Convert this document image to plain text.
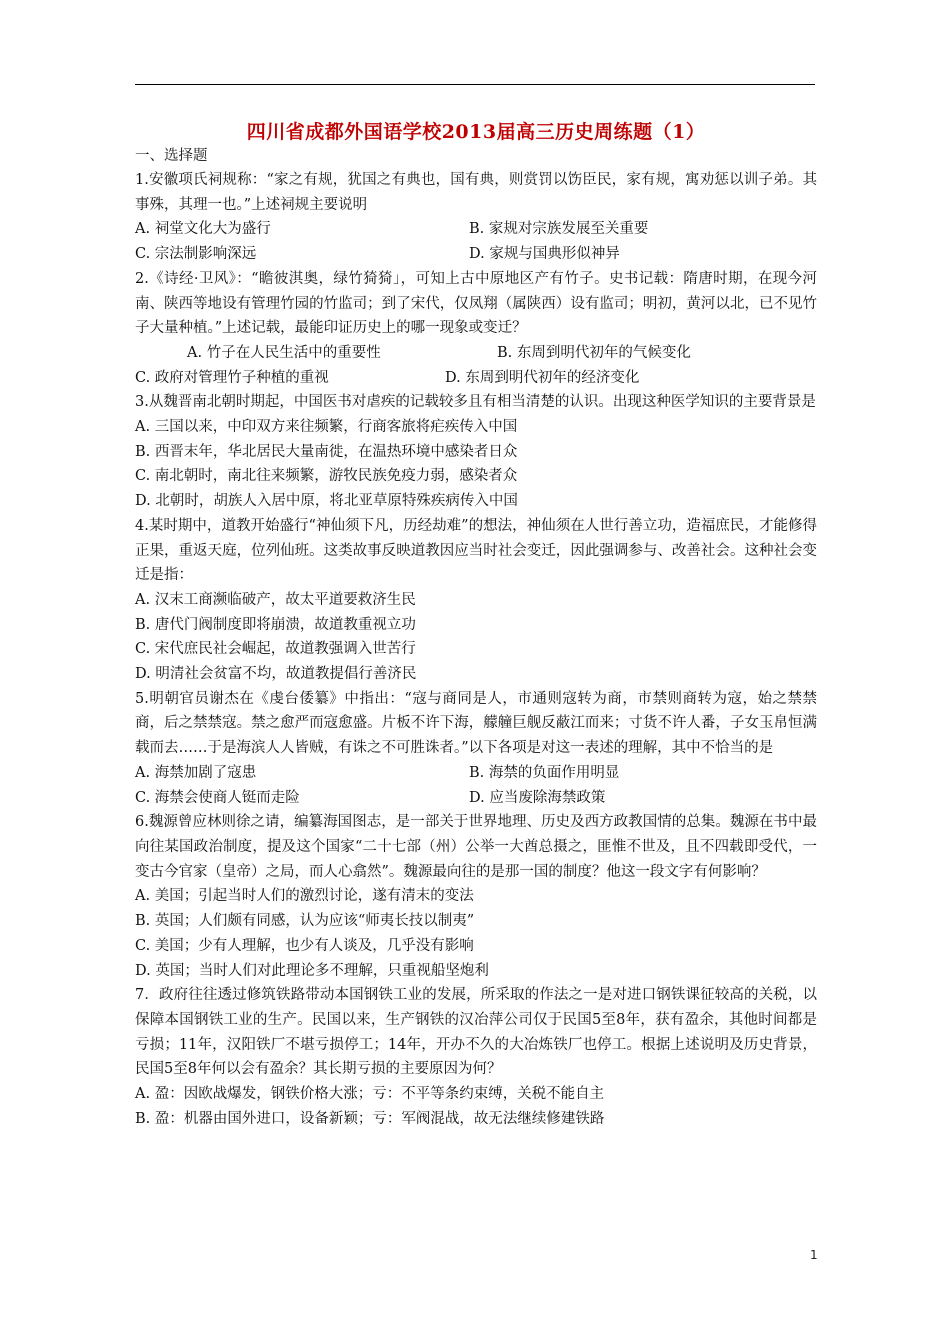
四川省成都外国语学校2013届高三历史周练题（1）

一、选择题

1.安徽项氏祠规称：“家之有规，犹国之有典也，国有典，则赏罚以饬臣民，家有规，寓劝惩以训子弟。其事殊，其理一也。”上述祠规主要说明

A. 祠堂文化大为盛行	B. 家规对宗族发展至关重要
C. 宗法制影响深远	D. 家规与国典形似神异

2.《诗经·卫风》：“瞻彼淇奥，绿竹猗猗」，可知上古中原地区产有竹子。史书记载：隋唐时期，在现今河南、陕西等地设有管理竹园的竹监司；到了宋代，仅凤翔（属陕西）设有监司；明初，黄河以北，已不见竹子大量种植。”上述记载，最能印证历史上的哪一现象或变迁？

A. 竹子在人民生活中的重要性	B. 东周到明代初年的气候变化
C. 政府对管理竹子种植的重视	D. 东周到明代初年的经济变化

3.从魏晋南北朝时期起，中国医书对虐疾的记载较多且有相当清楚的认识。出现这种医学知识的主要背景是

A. 三国以来，中印双方来往频繁，行商客旅将疟疾传入中国

B. 西晋末年，华北居民大量南徙，在温热环境中感染者日众

C. 南北朝时，南北往来频繁，游牧民族免疫力弱，感染者众

D. 北朝时，胡族人入居中原，将北亚草原特殊疾病传入中国

4.某时期中，道教开始盛行“神仙须下凡，历经劫难”的想法，神仙须在人世行善立功，造福庶民，才能修得正果，重返天庭，位列仙班。这类故事反映道教因应当时社会变迁，因此强调参与、改善社会。这种社会变迁是指：

A. 汉末工商濒临破产，故太平道要救济生民

B. 唐代门阀制度即将崩溃，故道教重视立功

C. 宋代庶民社会崛起，故道教强调入世苦行

D. 明清社会贫富不均，故道教提倡行善济民

5.明朝官员谢杰在《虔台倭纂》中指出：“寇与商同是人，市通则寇转为商，市禁则商转为寇，始之禁禁商，后之禁禁寇。禁之愈严而寇愈盛。片板不许下海，艨艟巨舰反蔽江而来；寸货不许人番，子女玉帛恒满载而去……于是海滨人人皆贼，有诛之不可胜诛者。”以下各项是对这一表述的理解，其中不恰当的是

A. 海禁加剧了寇患	B. 海禁的负面作用明显
C. 海禁会使商人铤而走险	D. 应当废除海禁政策

6.魏源曾应林则徐之请，编纂海国图志，是一部关于世界地理、历史及西方政教国情的总集。魏源在书中最向往某国政治制度，提及这个国家“二十七部（州）公举一大酋总摄之，匪惟不世及，且不四载即受代，一变古今官家（皇帝）之局，而人心翕然”。魏源最向往的是那一国的制度？他这一段文字有何影响？

A. 美国；引起当时人们的激烈讨论，遂有清末的变法

B. 英国；人们颇有同感，认为应该“师夷长技以制夷”

C. 美国；少有人理解，也少有人谈及，几乎没有影响

D. 英国；当时人们对此理论多不理解，只重视船坚炮利

7．政府往往透过修筑铁路带动本国钢铁工业的发展，所采取的作法之一是对进口钢铁课征较高的关税，以保障本国钢铁工业的生产。民国以来，生产钢铁的汉冶萍公司仅于民国5至8年，获有盈余，其他时间都是亏损；11年，汉阳铁厂不堪亏损停工；14年，开办不久的大冶炼铁厂也停工。根据上述说明及历史背景，民国5至8年何以会有盈余？其长期亏损的主要原因为何？

A. 盈：因欧战爆发，钢铁价格大涨；亏：不平等条约束缚，关税不能自主

B. 盈：机器由国外进口，设备新颖；亏：军阀混战，故无法继续修建铁路

1
